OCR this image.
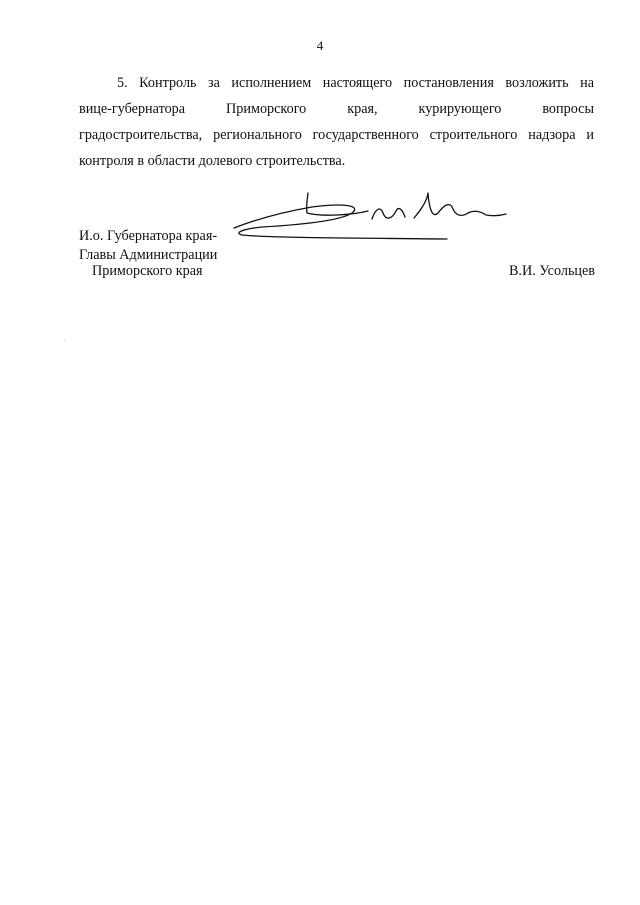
4
5. Контроль за исполнением настоящего постановления возложить на
вице-губернатора Приморского края, курирующего вопросы
градостроительства, регионального государственного строительного надзора и
контроля в области долевого строительства.
И.о. Губернатора края-
Главы Администрации
Приморского края	В.И. Усольцев
